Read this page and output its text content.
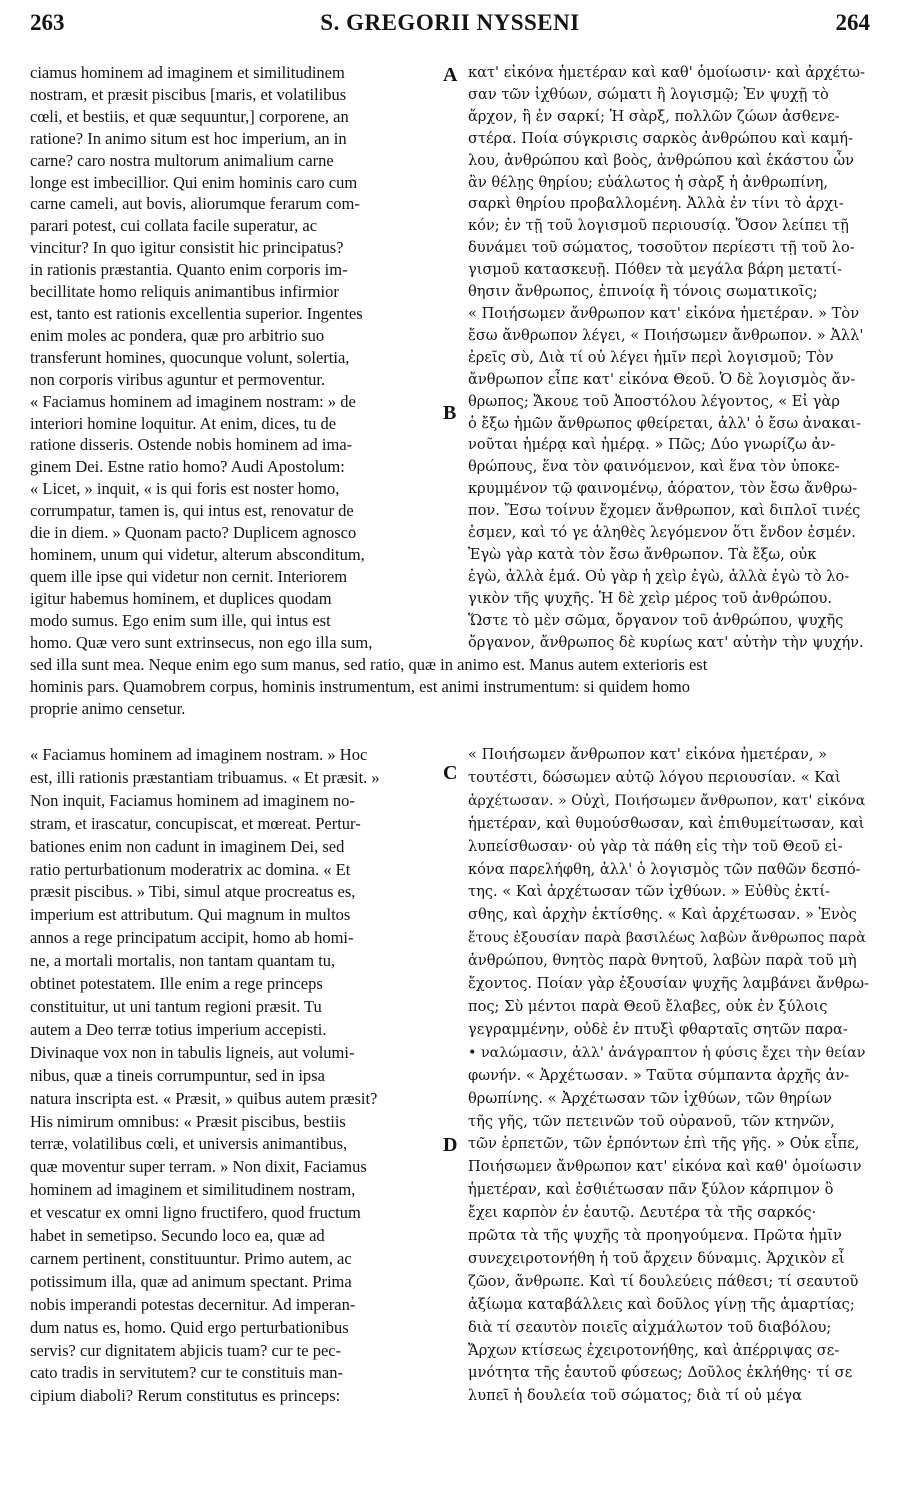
263	S. GREGORII NYSSENI	264
ciamus hominem ad imaginem et similitudinem
nostram, et præsit piscibus [maris, et volatilibus
cœli, et bestiis, et quæ sequuntur,] corporene, an
ratione? In animo situm est hoc imperium, an in
carne? caro nostra multorum animalium carne
longe est imbecillior. Qui enim hominis caro cum
carne cameli, aut bovis, aliorumque ferarum com-
parari potest, cui collata facile superatur, ac
vincitur? In quo igitur consistit hic principatus?
in rationis præstantia. Quanto enim corporis im-
becillitate homo reliquis animantibus infirmior
est, tanto est rationis excellentia superior. Ingentes
enim moles ac pondera, quæ pro arbitrio suo
transferunt homines, quocunque volunt, solertia,
non corporis viribus aguntur et permoventur.
« Faciamus hominem ad imaginem nostram: » de
interiori homine loquitur. At enim, dices, tu de
ratione disseris. Ostende nobis hominem ad ima-
ginem Dei. Estne ratio homo? Audi Apostolum:
« Licet, » inquit, « is qui foris est noster homo,
corrumpatur, tamen is, qui intus est, renovatur de
die in diem. » Quonam pacto? Duplicem agnosco
hominem, unum qui videtur, alterum absconditum,
quem ille ipse qui videtur non cernit. Interiorem
igitur habemus hominem, et duplices quodam
modo sumus. Ego enim sum ille, qui intus est
homo. Quæ vero sunt extrinsecus, non ego illa sum,
κατ' εἰκόνα ἡμετέραν καὶ καθ' ὁμοίωσιν· καὶ ἀρχέτω-
σαν τῶν ἰχθύων, σώματι ἢ λογισμῷ; Ἐν ψυχῇ τὸ
ἄρχον, ἢ ἐν σαρκί; Ἡ σὰρξ, πολλῶν ζώων ἀσθενε-
στέρα. Ποία σύγκρισις σαρκὸς ἀνθρώπου καὶ καμή-
λου, ἀνθρώπου καὶ βοὸς, ἀνθρώπου καὶ ἑκάστου ὧν
ἂν θέλῃς θηρίου; εὐάλωτος ἡ σὰρξ ἡ ἀνθρωπίνη,
σαρκὶ θηρίου προβαλλομένη. Ἀλλὰ ἐν τίνι τὸ ἀρχι-
κόν; ἐν τῇ τοῦ λογισμοῦ περιουσίᾳ. Ὅσον λείπει τῇ
δυνάμει τοῦ σώματος, τοσοῦτον περίεστι τῇ τοῦ λο-
γισμοῦ κατασκευῇ. Πόθεν τὰ μεγάλα βάρη μετατί-
θησιν ἄνθρωπος, ἐπινοίᾳ ἢ τόνοις σωματικοῖς;
« Ποιήσωμεν ἄνθρωπον κατ' εἰκόνα ἡμετέραν. » Τὸν
ἔσω ἄνθρωπον λέγει, « Ποιήσωμεν ἄνθρωπον. » Ἀλλ'
ἐρεῖς σὺ, Διὰ τί οὐ λέγει ἡμῖν περὶ λογισμοῦ; Τὸν
ἄνθρωπον εἶπε κατ' εἰκόνα Θεοῦ. Ὁ δὲ λογισμὸς ἄν-
θρωπος; Ἄκουε τοῦ Ἀποστόλου λέγοντος, « Εἰ γὰρ
ὁ ἔξω ἡμῶν ἄνθρωπος φθείρεται, ἀλλ' ὁ ἔσω ἀνακαι-
νοῦται ἡμέρᾳ καὶ ἡμέρᾳ. » Πῶς; Δύο γνωρίζω ἀν-
θρώπους, ἕνα τὸν φαινόμενον, καὶ ἕνα τὸν ὑποκε-
κρυμμένον τῷ φαινομένῳ, ἀόρατον, τὸν ἔσω ἄνθρω-
πον. Ἔσω τοίνυν ἔχομεν ἄνθρωπον, καὶ διπλοῖ τινές
ἐσμεν, καὶ τό γε ἀληθὲς λεγόμενον ὅτι ἔνδον ἐσμέν.
Ἐγὼ γὰρ κατὰ τὸν ἔσω ἄνθρωπον. Τὰ ἔξω, οὐκ
ἐγὼ, ἀλλὰ ἐμά. Οὐ γὰρ ἡ χεὶρ ἐγὼ, ἀλλὰ ἐγὼ τὸ λο-
γικὸν τῆς ψυχῆς. Ἡ δὲ χεὶρ μέρος τοῦ ἀνθρώπου.
Ὥστε τὸ μὲν σῶμα, ὄργανον τοῦ ἀνθρώπου, ψυχῆς
ὄργανον, ἄνθρωπος δὲ κυρίως κατ' αὐτὴν τὴν ψυχήν.
sed illa sunt mea. Neque enim ego sum manus, sed ratio, quæ in animo est. Manus autem exterioris est
hominis pars. Quamobrem corpus, hominis instrumentum, est animi instrumentum: si quidem homo
proprie animo censetur.
« Faciamus hominem ad imaginem nostram. » Hoc
est, illi rationis præstantiam tribuamus. « Et præsit. »
Non inquit, Faciamus hominem ad imaginem no-
stram, et irascatur, concupiscat, et mœreat. Pertur-
bationes enim non cadunt in imaginem Dei, sed
ratio perturbationum moderatrix ac domina. « Et
præsit piscibus. » Tibi, simul atque procreatus es,
imperium est attributum. Qui magnum in multos
annos a rege principatum accipit, homo ab homi-
ne, a mortali mortalis, non tantam quantam tu,
obtinet potestatem. Ille enim a rege princeps
constituitur, ut uni tantum regioni præsit. Tu
autem a Deo terræ totius imperium accepisti.
Divinaque vox non in tabulis ligneis, aut volumi-
nibus, quæ a tineis corrumpuntur, sed in ipsa
natura inscripta est. « Præsit, » quibus autem præsit?
His nimirum omnibus: « Præsit piscibus, bestiis
terræ, volatilibus cœli, et universis animantibus,
quæ moventur super terram. » Non dixit, Faciamus
hominem ad imaginem et similitudinem nostram,
et vescatur ex omni ligno fructifero, quod fructum
habet in semetipso. Secundo loco ea, quæ ad
carnem pertinent, constituuntur. Primo autem, ac
potissimum illa, quæ ad animum spectant. Prima
nobis imperandi potestas decernitur. Ad imperan-
dum natus es, homo. Quid ergo perturbationibus
servis? cur dignitatem abjicis tuam? cur te pec-
cato tradis in servitutem? cur te constituis man-
cipium diaboli? Rerum constitutus es princeps:
« Ποιήσωμεν ἄνθρωπον κατ' εἰκόνα ἡμετέραν, »
τουτέστι, δώσωμεν αὐτῷ λόγου περιουσίαν. « Καὶ
ἀρχέτωσαν. » Οὐχὶ, Ποιήσωμεν ἄνθρωπον, κατ' εἰκόνα
ἡμετέραν, καὶ θυμούσθωσαν, καὶ ἐπιθυμείτωσαν, καὶ
λυπείσθωσαν· οὐ γὰρ τὰ πάθη εἰς τὴν τοῦ Θεοῦ εἰ-
κόνα παρελήφθη, ἀλλ' ὁ λογισμὸς τῶν παθῶν δεσπό-
της. « Καὶ ἀρχέτωσαν τῶν ἰχθύων. » Εὐθὺς ἐκτί-
σθης, καὶ ἀρχὴν ἐκτίσθης. « Καὶ ἀρχέτωσαν. » Ἐνὸς
ἔτους ἐξουσίαν παρὰ βασιλέως λαβὼν ἄνθρωπος παρὰ
ἀνθρώπου, θνητὸς παρὰ θνητοῦ, λαβὼν παρὰ τοῦ μὴ
ἔχοντος. Ποίαν γὰρ ἐξουσίαν ψυχῆς λαμβάνει ἄνθρω-
πος; Σὺ μέντοι παρὰ Θεοῦ ἔλαβες, οὐκ ἐν ξύλοις
γεγραμμένην, οὐδὲ ἐν πτυξὶ φθαρταῖς σητῶν παρα-
• ναλώμασιν, ἀλλ' ἀνάγραπτον ἡ φύσις ἔχει τὴν θείαν
φωνήν. « Ἀρχέτωσαν. » Ταῦτα σύμπαντα ἀρχῆς ἀν-
θρωπίνης. « Ἀρχέτωσαν τῶν ἰχθύων, τῶν θηρίων
τῆς γῆς, τῶν πετεινῶν τοῦ οὐρανοῦ, τῶν κτηνῶν,
τῶν ἑρπετῶν, τῶν ἑρπόντων ἐπὶ τῆς γῆς. » Οὐκ εἶπε,
Ποιήσωμεν ἄνθρωπον κατ' εἰκόνα καὶ καθ' ὁμοίωσιν
ἡμετέραν, καὶ ἐσθιέτωσαν πᾶν ξύλον κάρπιμον ὃ
ἔχει καρπὸν ἐν ἑαυτῷ. Δευτέρα τὰ τῆς σαρκός·
πρῶτα τὰ τῆς ψυχῆς τὰ προηγούμενα. Πρῶτα ἡμῖν
συνεχειροτονήθη ἡ τοῦ ἄρχειν δύναμις. Ἀρχικὸν εἶ
ζῶον, ἄνθρωπε. Καὶ τί δουλεύεις πάθεσι; τί σεαυτοῦ
ἀξίωμα καταβάλλεις καὶ δοῦλος γίνῃ τῆς ἁμαρτίας;
διὰ τί σεαυτὸν ποιεῖς αἰχμάλωτον τοῦ διαβόλου;
Ἄρχων κτίσεως ἐχειροτονήθης, καὶ ἀπέρριψας σε-
μνότητα τῆς ἑαυτοῦ φύσεως; Δοῦλος ἐκλήθης· τί σε
λυπεῖ ἡ δουλεία τοῦ σώματος; διὰ τί οὐ μέγα
A
B
C
D
